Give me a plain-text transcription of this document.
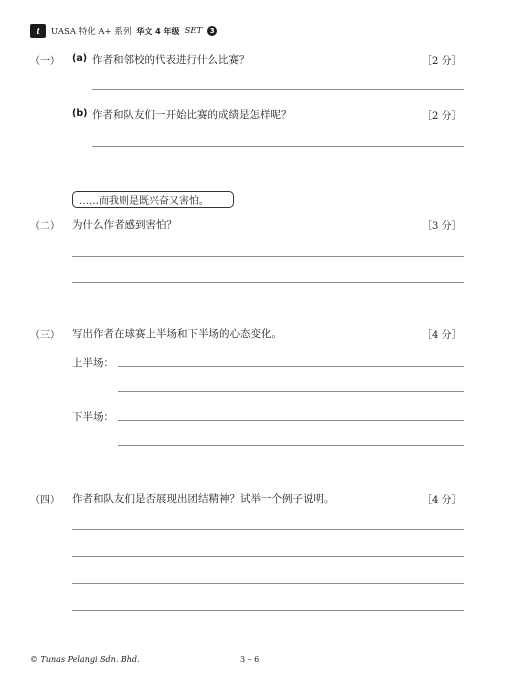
t	UASA 特化 A+ 系列 华文 4 年级 SET	3
（一） (a) 作者和邻校的代表进行什么比赛？	［2 分］
(b) 作者和队友们一开始比赛的成绩是怎样呢？	［2 分］
……而我则是既兴奋又害怕。
（二） 为什么作者感到害怕？	［3 分］
（三） 写出作者在球赛上半场和下半场的心态变化。	［4 分］
上半场：
下半场：
（四） 作者和队友们是否展现出团结精神？试举一个例子说明。	［4 分］
© Tunas Pelangi Sdn. Bhd.	3 – 6
